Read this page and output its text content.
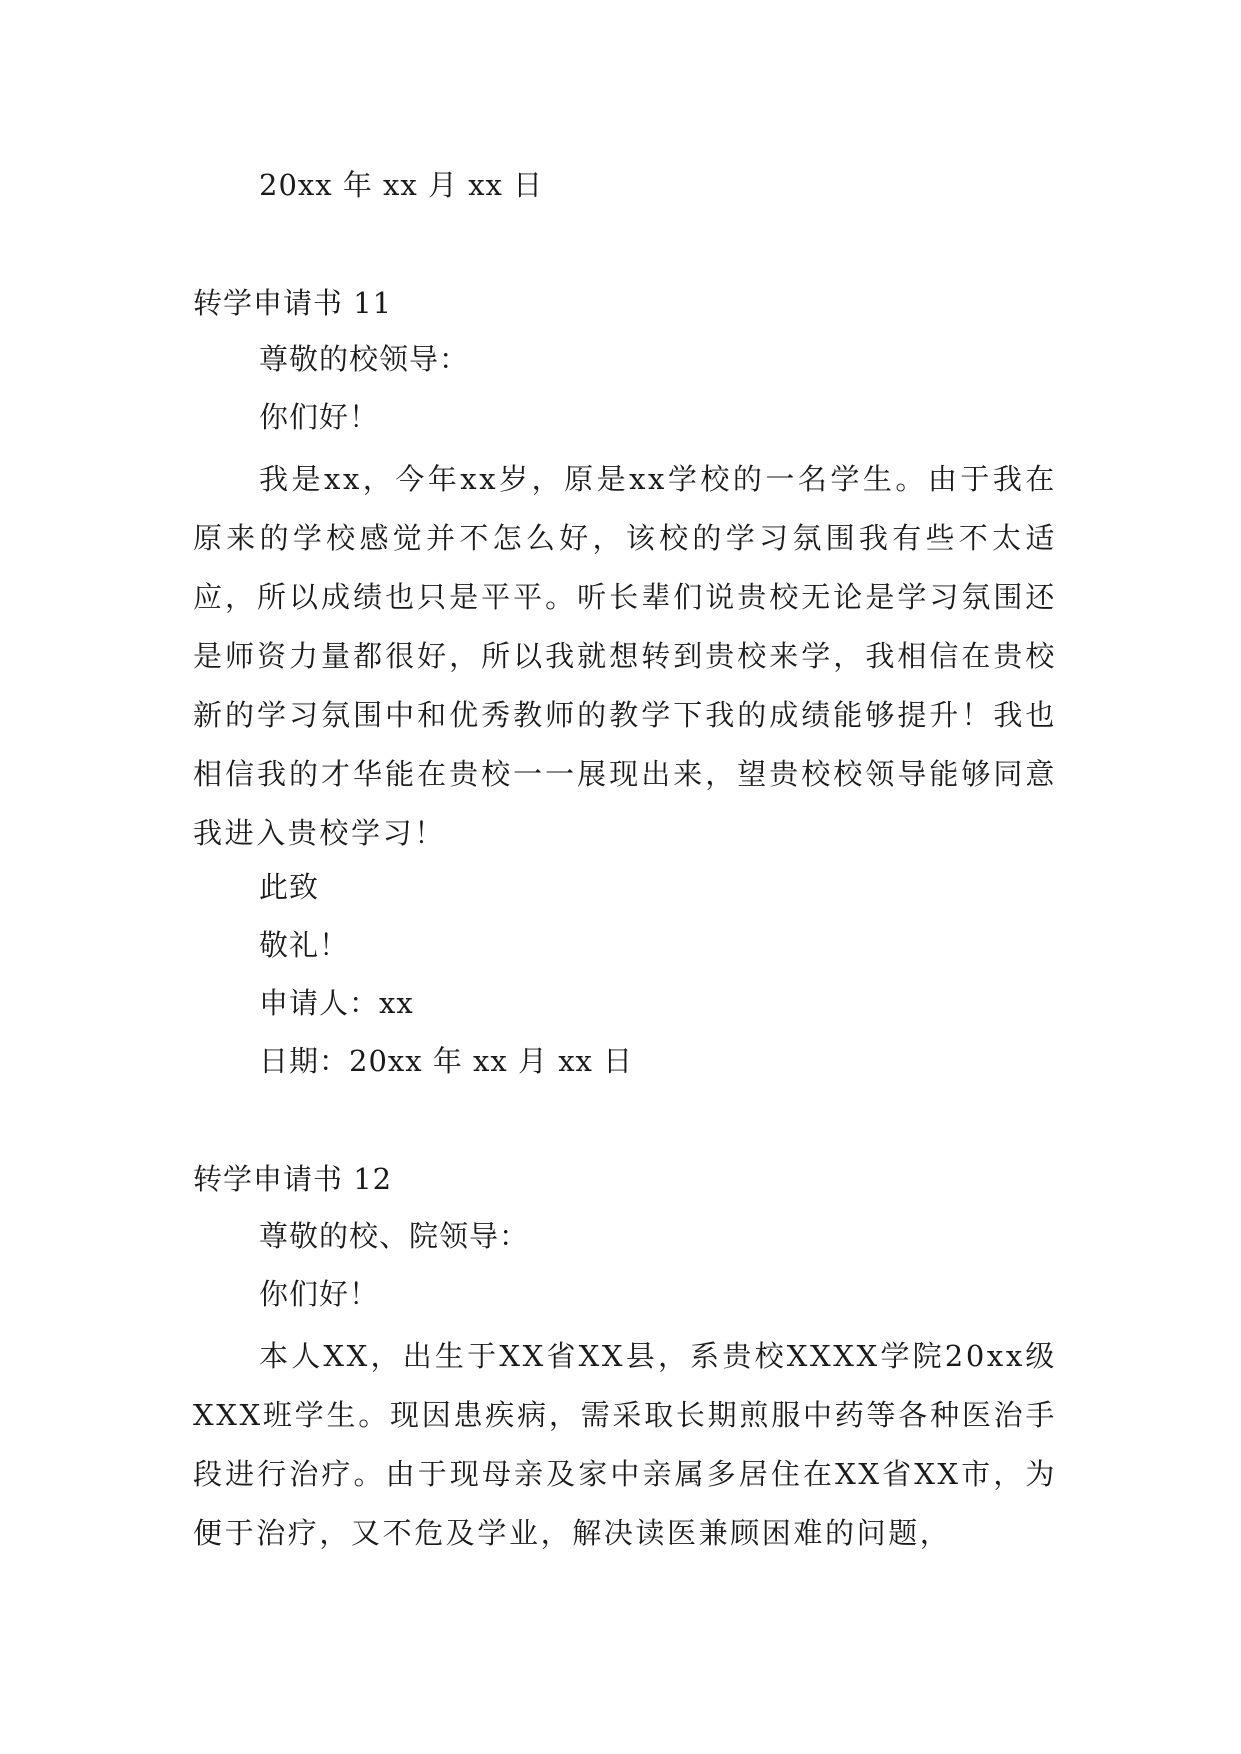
20xx 年 xx 月 xx 日
转学申请书 11
尊敬的校领导：
你们好！
我是xx，今年xx岁，原是xx学校的一名学生。由于我在原来的学校感觉并不怎么好，该校的学习氛围我有些不太适应，所以成绩也只是平平。听长辈们说贵校无论是学习氛围还是师资力量都很好，所以我就想转到贵校来学，我相信在贵校新的学习氛围中和优秀教师的教学下我的成绩能够提升！我也相信我的才华能在贵校一一展现出来，望贵校校领导能够同意我进入贵校学习！
此致
敬礼！
申请人：xx
日期：20xx 年 xx 月 xx 日
转学申请书 12
尊敬的校、院领导：
你们好！
本人XX，出生于XX省XX县，系贵校XXXX学院20xx级XXX班学生。现因患疾病，需采取长期煎服中药等各种医治手段进行治疗。由于现母亲及家中亲属多居住在XX省XX市，为便于治疗，又不危及学业，解决读医兼顾困难的问题，
